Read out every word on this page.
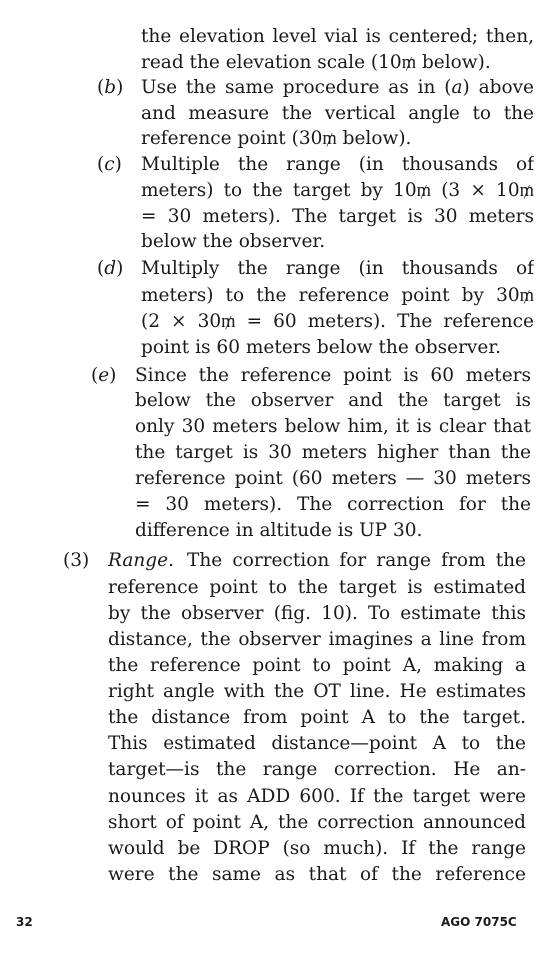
the elevation level vial is centered; then,
read the elevation scale (10₥ below).
(b) Use the same procedure as in (a) above
and measure the vertical angle to the
reference point (30₥ below).
(c) Multiple the range (in thousands of
meters) to the target by 10₥ (3 × 10₥
= 30 meters). The target is 30 meters
below the observer.
(d) Multiply the range (in thousands of
meters) to the reference point by 30₥
(2 × 30₥ = 60 meters). The reference
point is 60 meters below the observer.
(e) Since the reference point is 60 meters
below the observer and the target is
only 30 meters below him, it is clear that
the target is 30 meters higher than the
reference point (60 meters — 30 meters
= 30 meters). The correction for the
difference in altitude is UP 30.
(3) Range. The correction for range from the
reference point to the target is estimated
by the observer (fig. 10). To estimate this
distance, the observer imagines a line from
the reference point to point A, making a
right angle with the OT line. He estimates
the distance from point A to the target.
This estimated distance—point A to the
target—is the range correction. He an-
nounces it as ADD 600. If the target were
short of point A, the correction announced
would be DROP (so much). If the range
were the same as that of the reference
32	AGO 7075C
